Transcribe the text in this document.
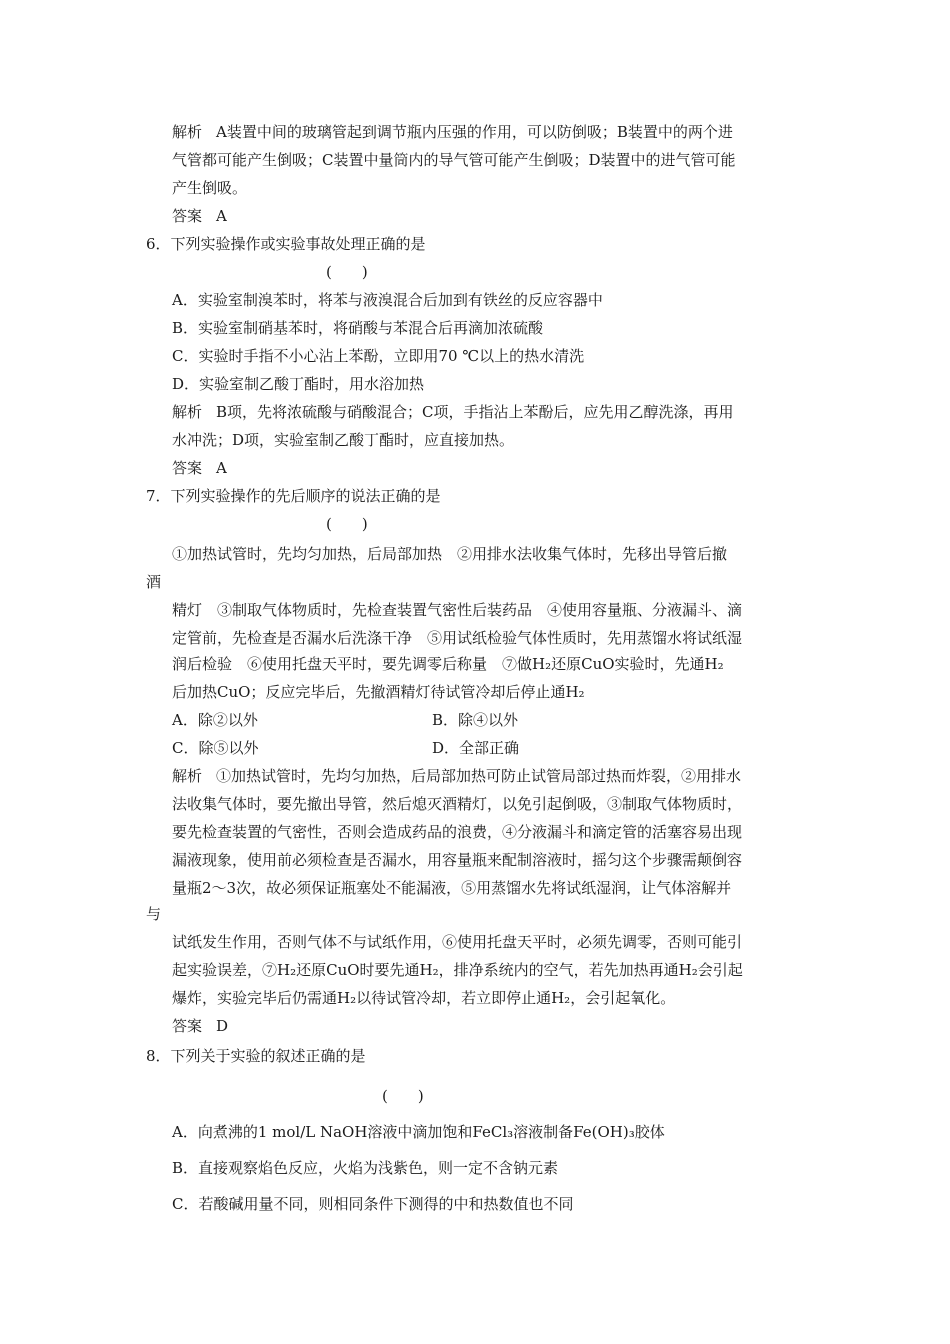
解析 A装置中间的玻璃管起到调节瓶内压强的作用，可以防倒吸；B装置中的两个进
气管都可能产生倒吸；C装置中量筒内的导气管可能产生倒吸；D装置中的进气管可能
产生倒吸。
答案 A
6．下列实验操作或实验事故处理正确的是
(　　)
A．实验室制溴苯时，将苯与液溴混合后加到有铁丝的反应容器中
B．实验室制硝基苯时，将硝酸与苯混合后再滴加浓硫酸
C．实验时手指不小心沾上苯酚，立即用70 ℃以上的热水清洗
D．实验室制乙酸丁酯时，用水浴加热
解析 B项，先将浓硫酸与硝酸混合；C项，手指沾上苯酚后，应先用乙醇洗涤，再用
水冲洗；D项，实验室制乙酸丁酯时，应直接加热。
答案 A
7．下列实验操作的先后顺序的说法正确的是
(　　)
①加热试管时，先均匀加热，后局部加热　②用排水法收集气体时，先移出导管后撤
酒
精灯　③制取气体物质时，先检查装置气密性后装药品　④使用容量瓶、分液漏斗、滴
定管前，先检查是否漏水后洗涤干净　⑤用试纸检验气体性质时，先用蒸馏水将试纸湿
润后检验　⑥使用托盘天平时，要先调零后称量　⑦做H₂还原CuO实验时，先通H₂
后加热CuO；反应完毕后，先撤酒精灯待试管冷却后停止通H₂
A．除②以外	B．除④以外
C．除⑤以外	D．全部正确
解析 ①加热试管时，先均匀加热，后局部加热可防止试管局部过热而炸裂，②用排水
法收集气体时，要先撤出导管，然后熄灭酒精灯，以免引起倒吸，③制取气体物质时，
要先检查装置的气密性，否则会造成药品的浪费，④分液漏斗和滴定管的活塞容易出现
漏液现象，使用前必须检查是否漏水，用容量瓶来配制溶液时，摇匀这个步骤需颠倒容
量瓶2～3次，故必须保证瓶塞处不能漏液，⑤用蒸馏水先将试纸湿润，让气体溶解并
与
试纸发生作用，否则气体不与试纸作用，⑥使用托盘天平时，必须先调零，否则可能引
起实验误差，⑦H₂还原CuO时要先通H₂，排净系统内的空气，若先加热再通H₂会引起
爆炸，实验完毕后仍需通H₂以待试管冷却，若立即停止通H₂，会引起氧化。
答案 D
8．下列关于实验的叙述正确的是
(　　)
A．向煮沸的1 mol/L NaOH溶液中滴加饱和FeCl₃溶液制备Fe(OH)₃胶体
B．直接观察焰色反应，火焰为浅紫色，则一定不含钠元素
C．若酸碱用量不同，则相同条件下测得的中和热数值也不同
